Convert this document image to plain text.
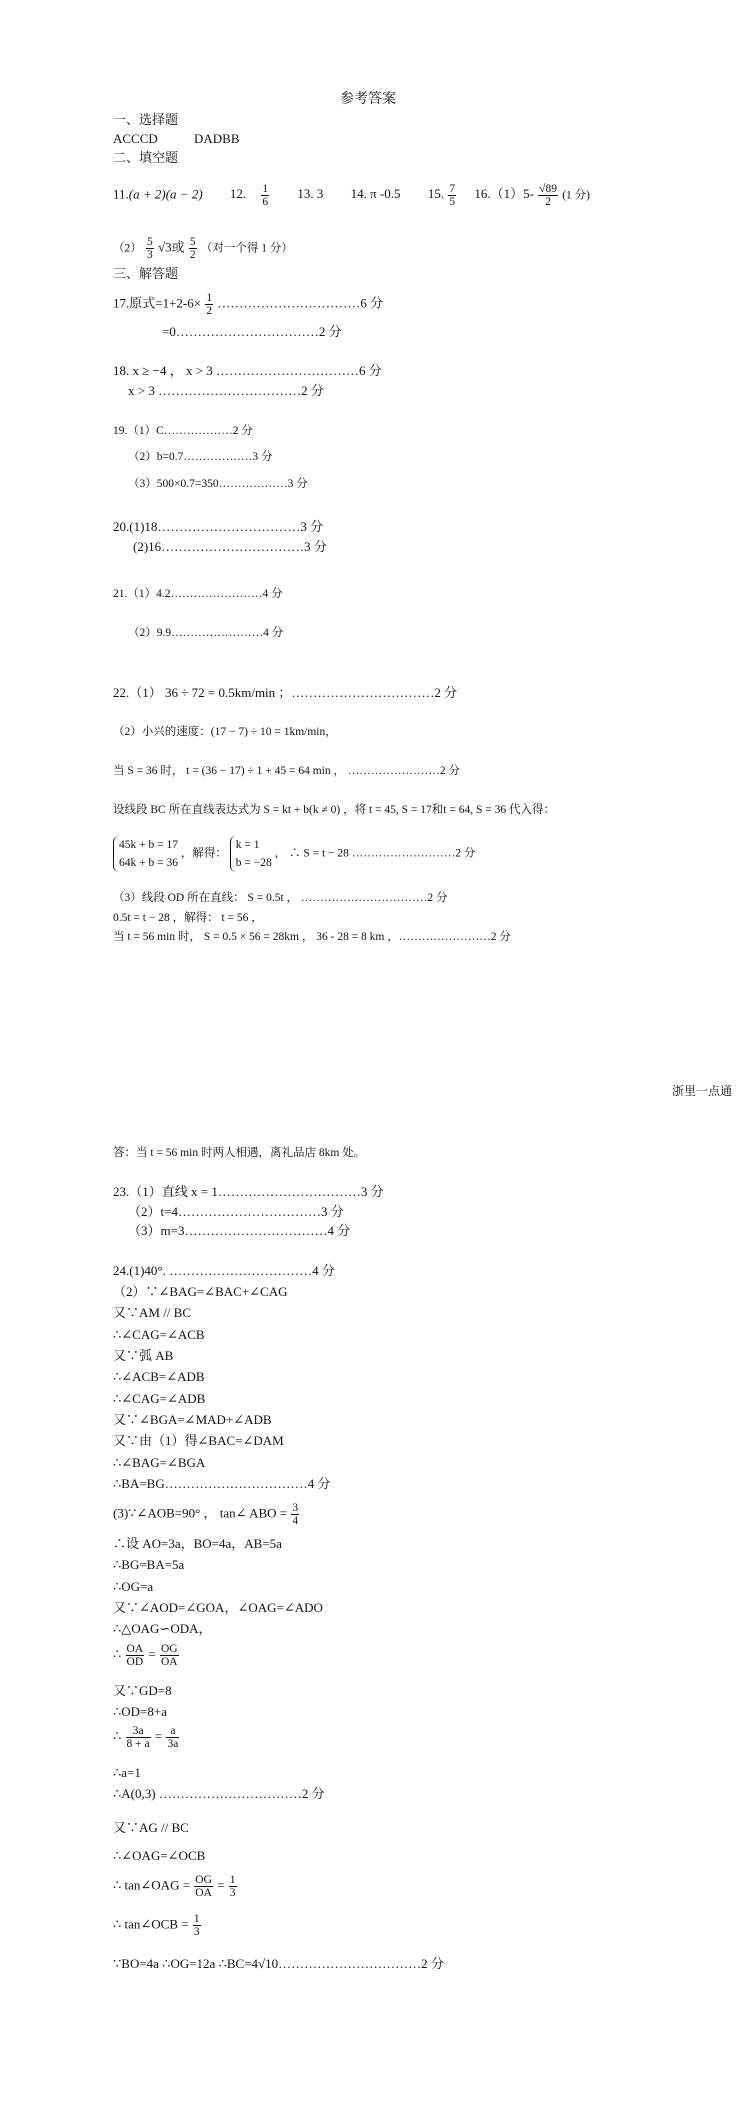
参考答案
一、选择题
ACCCD	DADBB
二、填空题
11.(a + 2)(a − 2) 12. $\frac{1}{6} 13$. 3 14. π -0.5 15. $\frac{7}{5} 16.(1)5- \frac{√89}{2} (1$ 分)
$(2) \frac{5}{3} √3$或 $\frac{5}{2}$ （对一个得 1 分）
三、解答题
17.原式$=1+2-6\times \frac{1}{2}$ ……………………………6 分
=0……………………………2 分
18. x ≥ −4 ， x > 3 ……………………………6 分
x > 3 ……………………………2 分
19.（1）C………………2 分
（2）b=0.7………………3 分
（3）500×0.7=350………………3 分
20.(1)18……………………………3 分
(2)16……………………………3 分
21.（1）4.2……………………4 分
（2）9.9……………………4 分
22.（1） 36 ÷ 72 = 0.5km/min ；……………………………2 分
（2）小兴的速度：(17 − 7) ÷ 10 = 1km/min，
当 S = 36 时， t = (36 − 17) ÷ 1 + 45 = 64 min ， ……………………2 分
设线段 BC 所在直线表达式为 S = kt + b(k ≠ 0) ，将 t = 45, S = 17和t = 64, S = 36 代入得：
45k + b = 17
64k + b = 36
，解得：
k = 1
b = −28
， ∴ S = t − 28 ………………………2 分
（3）线段 OD 所在直线： S = 0.5t ， ……………………………2 分
0.5t = t − 28 ，解得： t = 56 ，
当 t = 56 min 时， S = 0.5 × 56 = 28km ， 36 - 28 = 8 km ，……………………2 分
浙里一点通
答：当 t = 56 min 时两人相遇，离礼品店 8km 处。
23.（1）直线 x = 1……………………………3 分
（2）t=4……………………………3 分
（3）m=3……………………………4 分
24.(1)40°. ……………………………4 分
（2）∵∠BAG=∠BAC+∠CAG
又∵AM // BC
∴∠CAG=∠ACB
又∵弧 AB
∴∠ACB=∠ADB
∴∠CAG=∠ADB
又∵∠BGA=∠MAD+∠ADB
又∵由（1）得∠BAC=∠DAM
∴∠BAG=∠BGA
∴BA=BG……………………………4 分
(3)∵∠AOB=90° ， tan∠ ABO = $\frac{3}{4}$
∴设 AO=3a，BO=4a，AB=5a
∴BG=BA=5a
∴OG=a
又∵∠AOD=∠GOA，∠OAG=∠ADO
∴△OAG∽ODA，
∴ $\frac{OA}{OD} = \frac{OG}{OA}$
又∵GD=8
∴OD=8+a
∴ $\frac{3a}{8 + a} = \frac{a}{3a}$
∴a=1
∴A(0,3) ……………………………2 分
又∵AG // BC
∴∠OAG=∠OCB
∴ tan∠OAG = $\frac{OG}{OA} = \frac{1}{3}$
∴ tan∠OCB = $\frac{1}{3}$
∵BO=4a ∴OG=12a ∴BC=4√10……………………………2 分
